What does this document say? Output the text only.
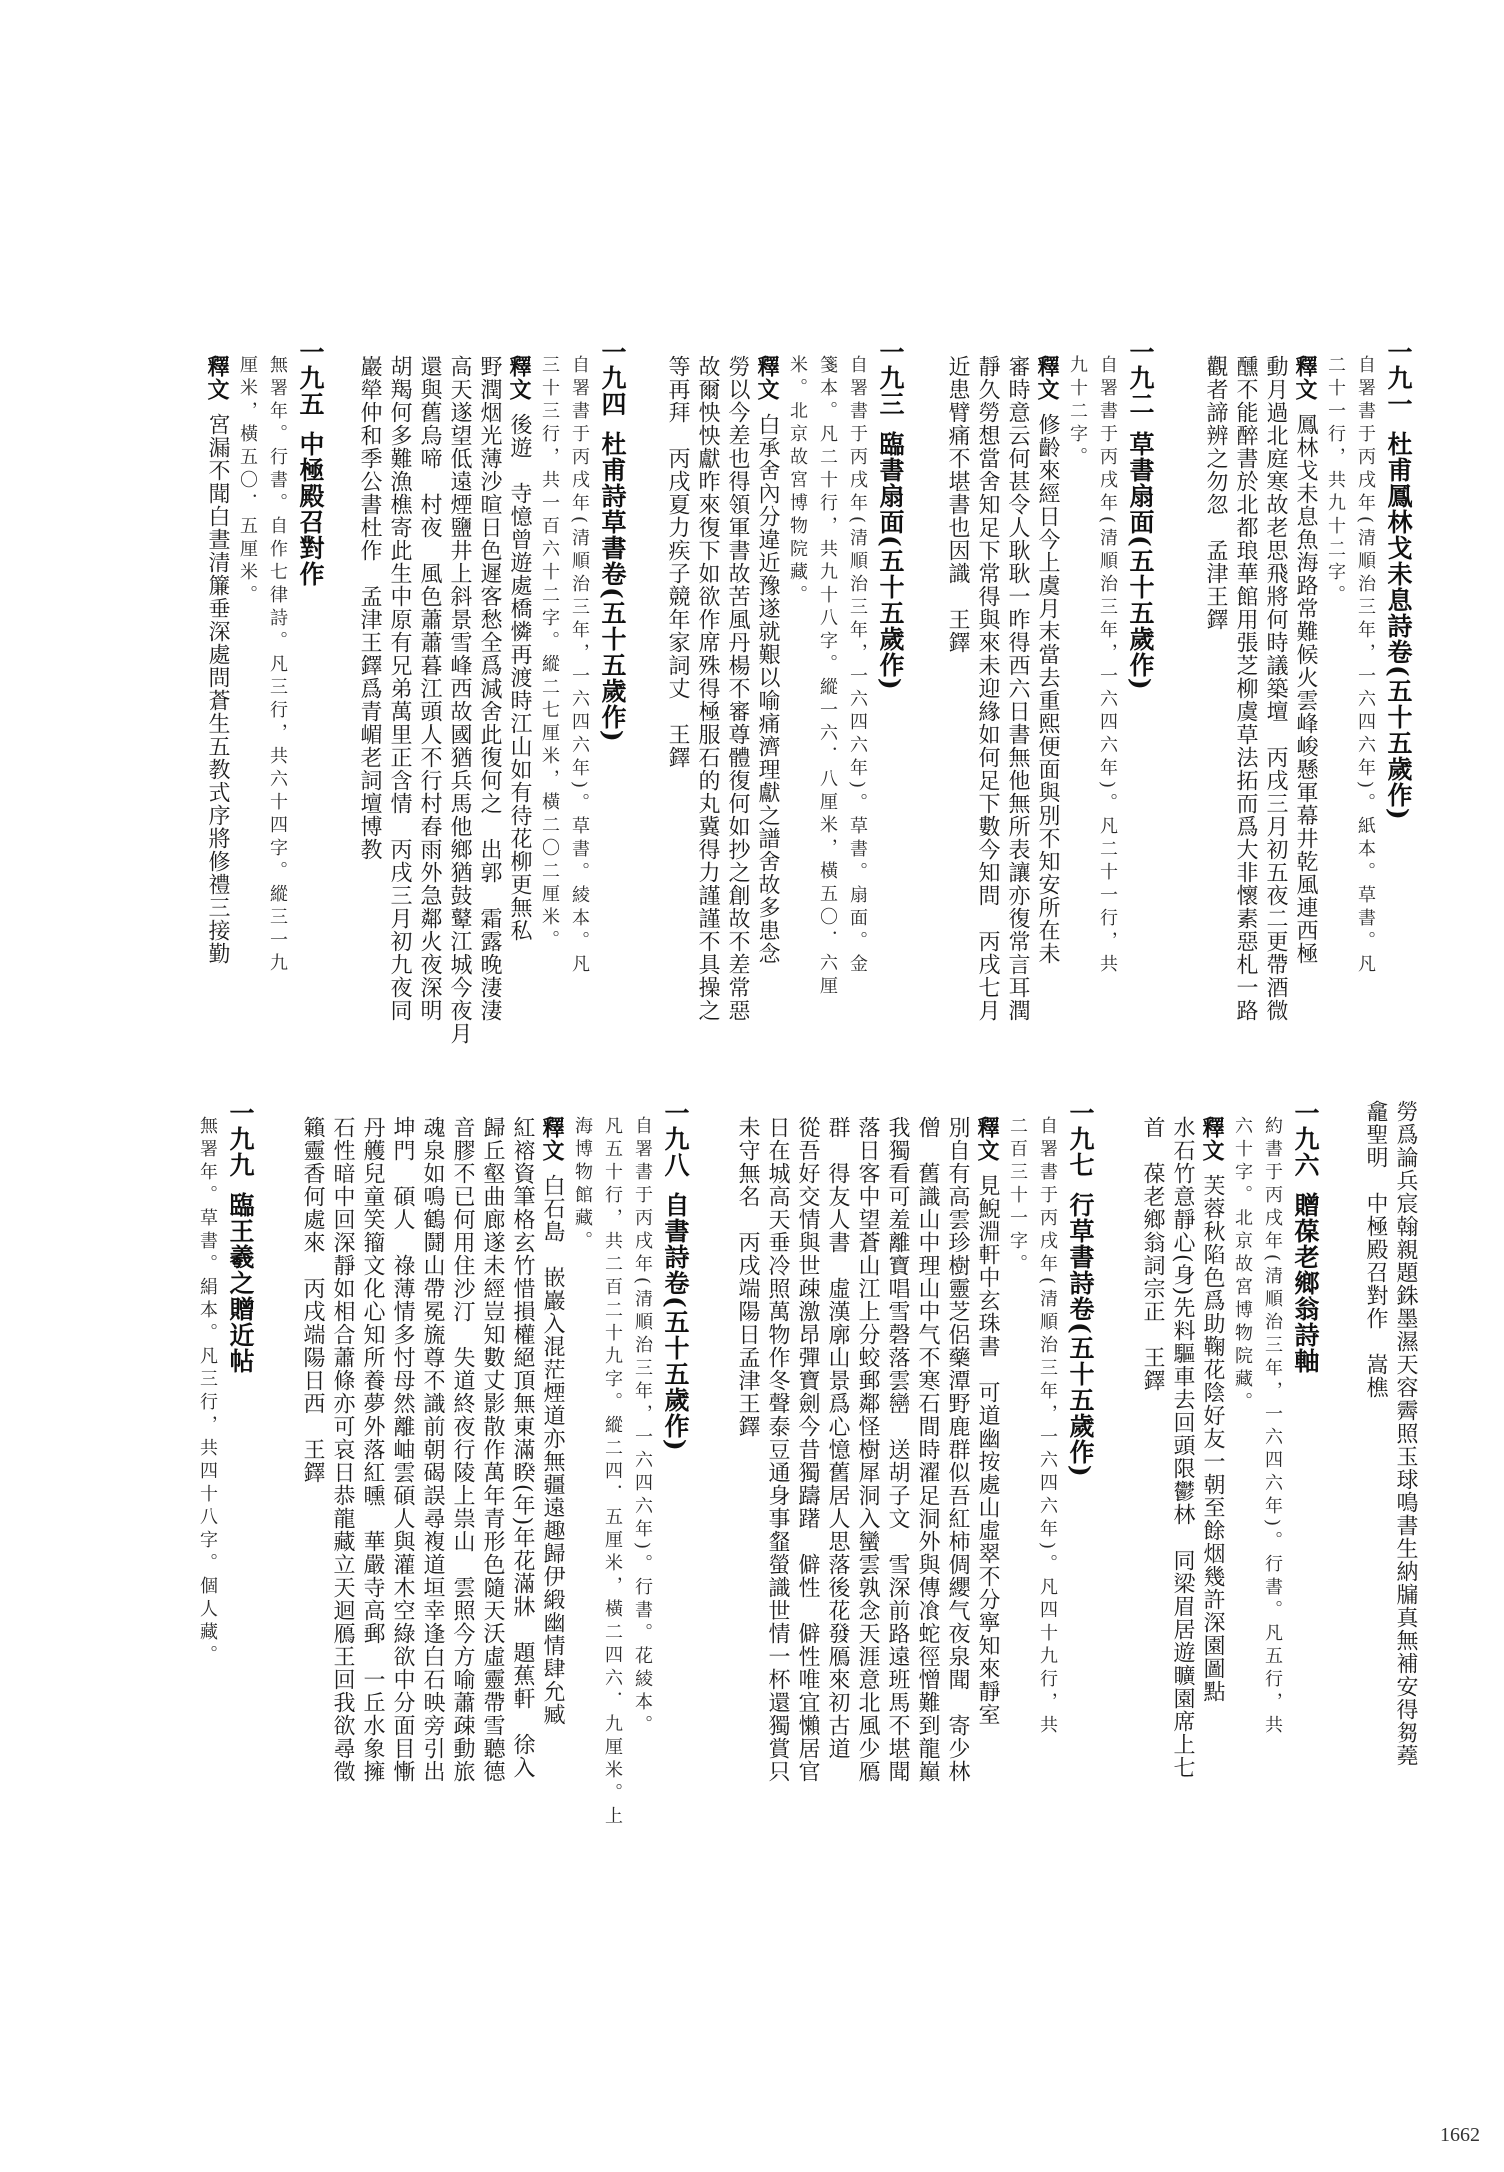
一九一杜甫鳳林戈未息詩卷(五十五歲作)
自署書于丙戌年(清順治三年，一六四六年)。紙本。草書。凡
二十一行，共九十二字。
釋文鳳林戈未息魚海路常難候火雲峰峻懸軍幕井乾風連西極
動月過北庭寒故老思飛將何時議築壇　丙戌三月初五夜二更帶酒微
醺不能醉書於北都琅華館用張芝柳虞草法拓而爲大非懷素惡札一路
觀者諦辨之勿忽　孟津王鐸
一九二草書扇面(五十五歲作)
自署書于丙戌年(清順治三年，一六四六年)。凡二十一行，共
九十二字。
釋文修齡來經日今上虞月末當去重熙便面與別不知安所在未
審時意云何甚令人耿耿一昨得西六日書無他無所表讓亦復常言耳潤
靜久勞想當舍知足下常得與來未迎緣如何足下數今知問　丙戌七月
近患臂痛不堪書也因識　王鐸
一九三臨書扇面(五十五歲作)
自署書于丙戌年(清順治三年，一六四六年)。草書。扇面。金
箋本。凡二十行，共九十八字。縱一六．八厘米，橫五〇．六厘
米。北京故宮博物院藏。
釋文白承舍內分違近豫遂就艱以喻痛濟理獻之譜舍故多患念
勞以今差也得領軍書故苦風丹楊不審尊體復何如抄之創故不差常惡
故爾怏怏獻昨來復下如欲作席殊得極服石的丸冀得力謹謹不具操之
等再拜　丙戌夏力疾子競年家詞丈　王鐸
一九四杜甫詩草書卷(五十五歲作)
自署書于丙戌年(清順治三年，一六四六年)。草書。綾本。凡
三十三行，共一百六十二字。縱二七厘米，橫二〇二厘米。
釋文後遊　寺憶曾遊處橋憐再渡時江山如有待花柳更無私
野潤烟光薄沙暄日色遲客愁全爲減舍此復何之　出郭　霜露晚淒淒
高天遂望低遠煙鹽井上斜景雪峰西故國猶兵馬他鄉猶鼓鼙江城今夜月
還與舊烏啼　村夜　風色蕭蕭暮江頭人不行村舂雨外急鄰火夜深明
胡羯何多難漁樵寄此生中原有兄弟萬里正含情　丙戌三月初九夜同
巖犖仲和季公書杜作　孟津王鐸爲青嵋老詞壇博教
一九五中極殿召對作
無署年。行書。自作七律詩。凡三行，共六十四字。縱三一九
厘米，橫五〇．五厘米。
釋文宮漏不聞白晝清簾垂深處問蒼生五教式序將修禮三接勤
勞爲論兵宸翰親題銖墨濕天容霽照玉球鳴書生納牖真無補安得芻蕘
龕聖明　中極殿召對作　嵩樵
一九六贈葆老鄉翁詩軸
約書于丙戌年(清順治三年，一六四六年)。行書。凡五行，共
六十字。北京故宮博物院藏。
釋文芙蓉秋陷色爲助鞠花陰好友一朝至餘烟幾許深園圖點
水石竹意靜心(身)先料驅車去回頭限鬱林　同梁眉居遊曠園席上七
首　葆老鄉翁詞宗正　王鐸
一九七行草書詩卷(五十五歲作)
自署書于丙戌年(清順治三年，一六四六年)。凡四十九行，共
二百三十一字。
釋文見鯢淵軒中玄珠書　可道幽按處山虛翠不分寧知來靜室
別自有高雲珍樹靈芝侶藥潭野鹿群似吾紅柿倜纓气夜泉聞　寄少林
僧　舊識山中理山中气不寒石間時濯足洞外與傳飡蛇徑憎難到龍巔
我獨看可羞離寶唱雪磬落雲巒　送胡子文　雪深前路遠班馬不堪聞
落日客中望蒼山江上分蛟郵鄰怪樹犀洞入蠻雲孰念天涯意北風少鴈
群　得友人書　虛漢廓山景爲心憶舊居人思落後花發鴈來初古道
從吾好交情與世疎激昂彈寶劍今昔獨躊躇　僻性　僻性唯宜懶居官
日在城高天垂冷照萬物作冬聲泰豆通身事韰螢識世情一杯還獨賞只
未守無名　丙戌端陽日孟津王鐸
一九八自書詩卷(五十五歲作)
自署書于丙戌年(清順治三年，一六四六年)。行書。花綾本。
凡五十行，共二百二十九字。縱二四．五厘米，橫二四六．九厘米。上
海博物館藏。
釋文白石島　嵌巖入混茫煙道亦無疆遠趣歸伊緞幽情肆允臧
紅褣資筆格玄竹惜損權絕頂無東滿睽(年)年花滿牀　題蕉軒　徐入
歸丘壑曲廊遂未經豈知數丈影散作萬年青形色隨天沃虛靈帶雪聽德
音膠不已何用住沙汀　失道終夜行陵上祟山　雲照今方喻蕭疎動旅
魂泉如鳴鶴鬪山帶冕旒尊不識前朝碣誤尋複道垣幸逢白石映旁引出
坤門　碩人　祿薄情多忖母然離岫雲碩人與灌木空綠欲中分面目慚
丹艧兒童笑籀文化心知所養夢外落紅曛　華嚴寺高郵　一丘水象擁
石性暗中回深靜如相合蕭條亦可哀日恭龍藏立天迴鴈王回我欲尋徵
籟靈香何處來　丙戌端陽日西　王鐸
一九九臨王羲之贈近帖
無署年。草書。絹本。凡三行，共四十八字。個人藏。
1662
